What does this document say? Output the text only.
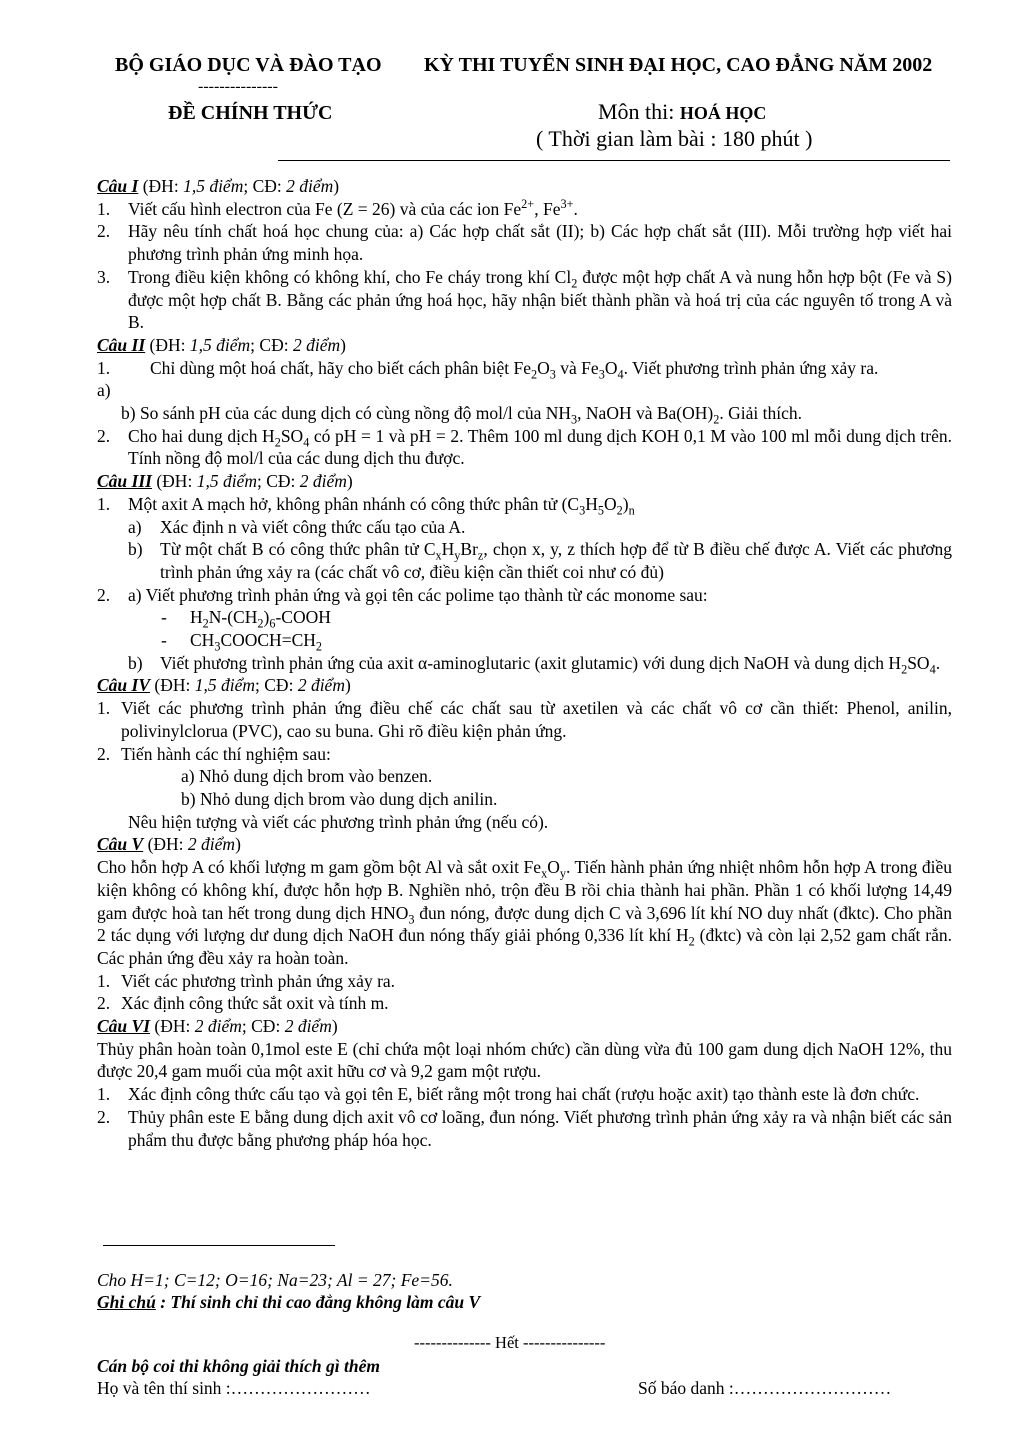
BỘ GIÁO DỤC VÀ ĐÀO TẠO KỲ THI TUYỂN SINH ĐẠI HỌC, CAO ĐẲNG NĂM 2002
---------------
ĐỀ CHÍNH THỨC	Môn thi: HOÁ HỌC
( Thời gian làm bài : 180 phút )

Câu I (ĐH: 1,5 điểm; CĐ: 2 điểm)

1.	Viết cấu hình electron của Fe (Z = 26) và của các ion $Fe^{2+}$, $Fe^{3+}$.
2.	Hãy nêu tính chất hoá học chung của: a) Các hợp chất sắt (II); b) Các hợp chất sắt (III). Mỗi trường hợp viết hai phương trình phản ứng minh họa.
3.	Trong điều kiện không có không khí, cho Fe cháy trong khí $Cl_2$ được một hợp chất A và nung hỗn hợp bột (Fe và S) được một hợp chất B. Bằng các phản ứng hoá học, hãy nhận biết thành phần và hoá trị của các nguyên tố trong A và B.

Câu II (ĐH: 1,5 điểm; CĐ: 2 điểm)

1. a)
Chỉ dùng một hoá chất, hãy cho biết cách phân biệt $Fe_2O_3$ và $Fe_3O_4$. Viết phương trình phản ứng xảy ra.

b) So sánh pH của các dung dịch có cùng nồng độ mol/l của $NH_3$, NaOH và $Ba(OH)_2$. Giải thích.

2.	Cho hai dung dịch $H_2SO_4$ có pH = 1 và pH = 2. Thêm 100 ml dung dịch KOH 0,1 M vào 100 ml mỗi dung dịch trên. Tính nồng độ mol/l của các dung dịch thu được.

Câu III (ĐH: 1,5 điểm; CĐ: 2 điểm)

1.	Một axit A mạch hở, không phân nhánh có công thức phân tử $(C_3H_5O_2)_n$
a)	Xác định n và viết công thức cấu tạo của A.
b) Từ một chất B có công thức phân tử $C_xH_yBr_z$, chọn x, y, z thích hợp để từ B điều chế được A. Viết các phương trình phản ứng xảy ra (các chất vô cơ, điều kiện cần thiết coi như có đủ)
2.	a) Viết phương trình phản ứng và gọi tên các polime tạo thành từ các monome sau:
-	$H_2N-(CH_2)_6$-COOH
-	$CH_3COOCH=CH_2$
b) Viết phương trình phản ứng của axit α-aminoglutaric (axit glutamic) với dung dịch NaOH và dung dịch $H_2SO_4$.

Câu IV (ĐH: 1,5 điểm; CĐ: 2 điểm)

1. Viết các phương trình phản ứng điều chế các chất sau từ axetilen và các chất vô cơ cần thiết: Phenol, anilin, polivinylclorua (PVC), cao su buna. Ghi rõ điều kiện phản ứng.
2. Tiến hành các thí nghiệm sau:

a) Nhỏ dung dịch brom vào benzen.

b) Nhỏ dung dịch brom vào dung dịch anilin.

Nêu hiện tượng và viết các phương trình phản ứng (nếu có).

Câu V (ĐH: 2 điểm)

Cho hỗn hợp A có khối lượng m gam gồm bột Al và sắt oxit $Fe_xO_y$. Tiến hành phản ứng nhiệt nhôm hỗn hợp A trong điều kiện không có không khí, được hỗn hợp B. Nghiền nhỏ, trộn đều B rồi chia thành hai phần. Phần 1 có khối lượng 14,49 gam được hoà tan hết trong dung dịch $HNO_3$ đun nóng, được dung dịch C và 3,696 lít khí NO duy nhất (đktc). Cho phần 2 tác dụng với lượng dư dung dịch NaOH đun nóng thấy giải phóng 0,336 lít khí $H_2$ (đktc) và còn lại 2,52 gam chất rắn. Các phản ứng đều xảy ra hoàn toàn.

1. Viết các phương trình phản ứng xảy ra.
2. Xác định công thức sắt oxit và tính m.

Câu VI (ĐH: 2 điểm; CĐ: 2 điểm)

Thủy phân hoàn toàn 0,1mol este E (chỉ chứa một loại nhóm chức) cần dùng vừa đủ 100 gam dung dịch NaOH 12%, thu được 20,4 gam muối của một axit hữu cơ và 9,2 gam một rượu.

1.	Xác định công thức cấu tạo và gọi tên E, biết rằng một trong hai chất (rượu hoặc axit) tạo thành este là đơn chức.
2.	Thủy phân este E bằng dung dịch axit vô cơ loãng, đun nóng. Viết phương trình phản ứng xảy ra và nhận biết các sản phẩm thu được bằng phương pháp hóa học.
Cho H=1; C=12; O=16; Na=23; Al = 27; Fe=56.
Ghi chú : Thí sinh chỉ thi cao đẳng không làm câu V
-------------- Hết ---------------
Cán bộ coi thi không giải thích gì thêm
Họ và tên thí sinh :……………………	Số báo danh :………………………
